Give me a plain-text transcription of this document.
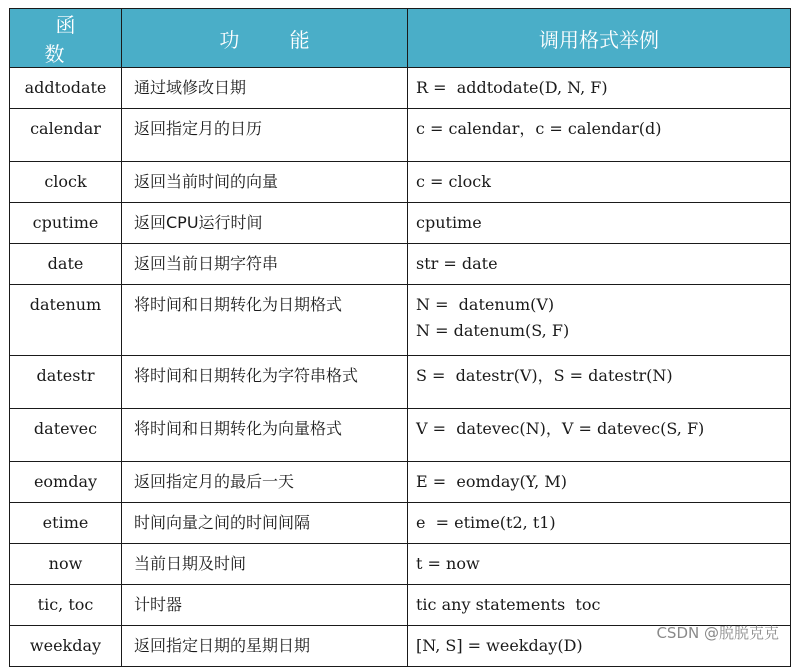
函 数	功 能	调用格式举例

addtodate	通过域修改日期	R =  addtodate(D, N, F)

calendar	返回指定月的日历	c = calendar，c = calendar(d)

clock	返回当前时间的向量	c = clock

cputime	返回CPU运行时间	cputime

date	返回当前日期字符串	str = date

datenum	将时间和日期转化为日期格式	N =  datenum(V)
N = datenum(S, F)

datestr	将时间和日期转化为字符串格式	S =  datestr(V)，S = datestr(N)

datevec	将时间和日期转化为向量格式	V =  datevec(N)，V = datevec(S, F)

eomday	返回指定月的最后一天	E =  eomday(Y, M)

etime	时间向量之间的时间间隔	e  = etime(t2, t1)

now	当前日期及时间	t = now

tic, toc	计时器	tic any statements  toc

weekday	返回指定日期的星期日期	[N, S] = weekday(D)
CSDN @脱脱克克
